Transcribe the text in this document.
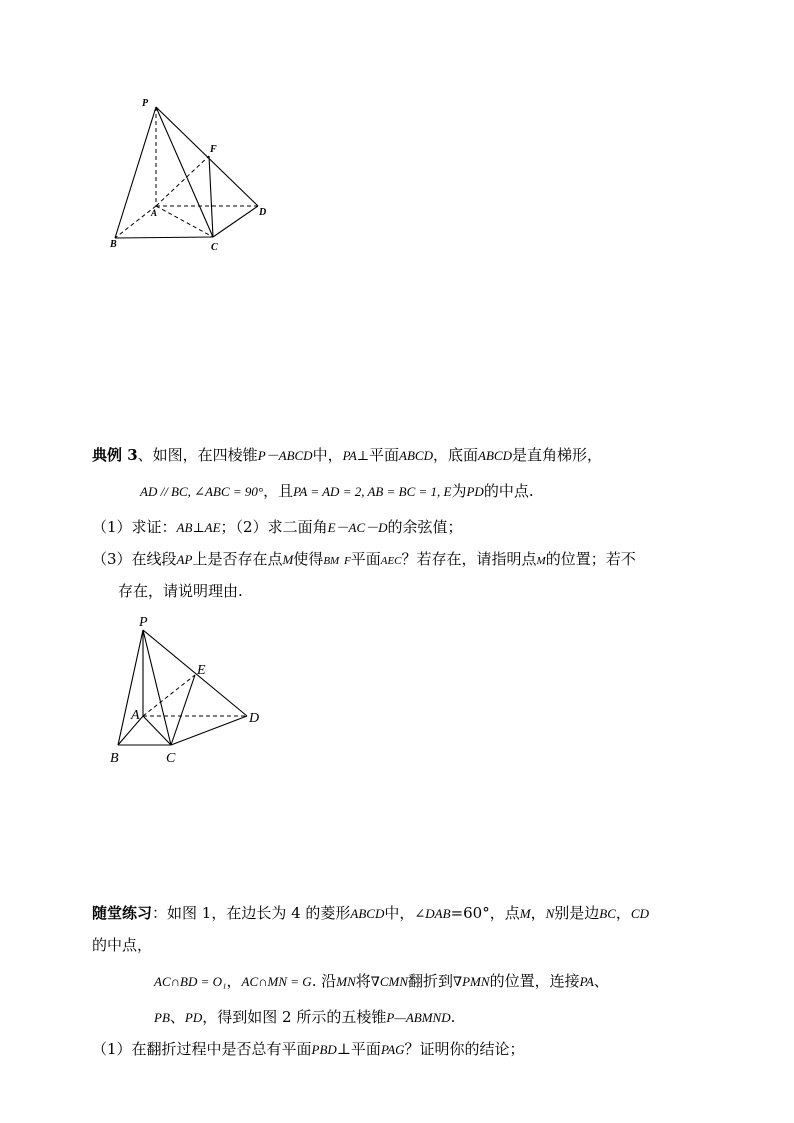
P
F
A	D
B	C
典例 3、如图，在四棱锥P－ABCD中，PA⊥平面ABCD，底面ABCD是直角梯形，
AD // BC, ∠ABC = 90°，且PA = AD = 2, AB = BC = 1, E为PD的中点.
（1）求证：AB⊥AE；（2）求二面角E－AC－D的余弦值；
（3）在线段AP上是否存在点M使得BM F平面AEC？若存在，请指明点M的位置；若不
存在，请说明理由.
P
E
A	D
B	C
随堂练习：如图 1，在边长为 4 的菱形ABCD中，∠DAB=60°，点M，N别是边BC，CD
的中点，
AC∩BD = O₁，AC∩MN = G. 沿MN将∇CMN翻折到∇PMN的位置，连接PA、
PB、PD，得到如图 2 所示的五棱锥P—ABMND.
（1）在翻折过程中是否总有平面PBD⊥平面PAG？证明你的结论；
